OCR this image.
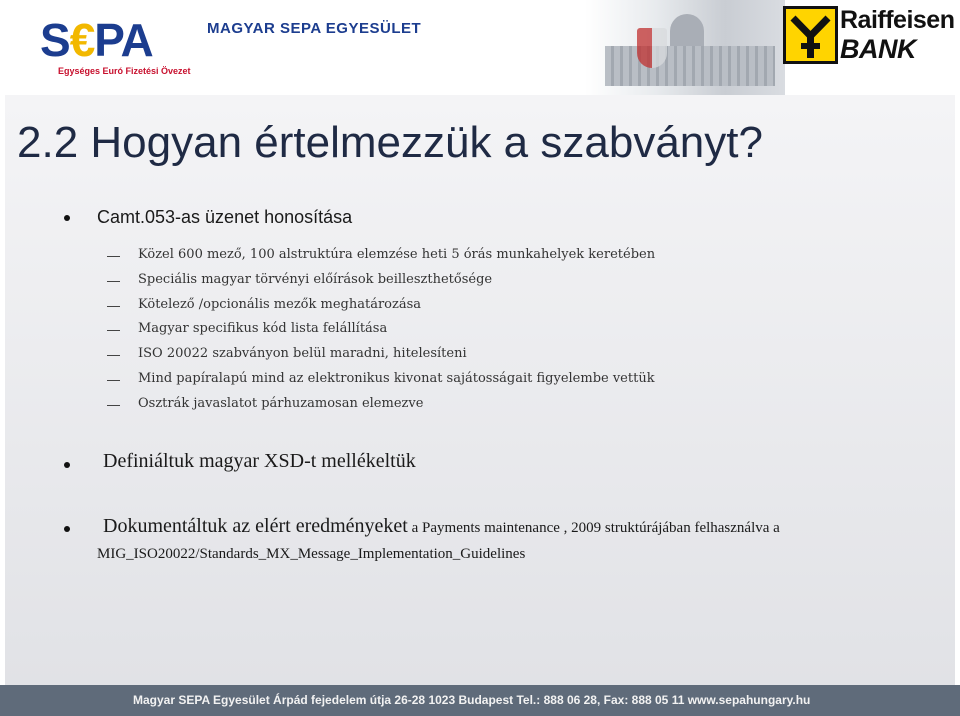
S€PA
Egységes Euró Fizetési Övezet
MAGYAR SEPA EGYESÜLET	Raiffeisen
BANK
2.2 Hogyan értelmezzük a szabványt?
Camt.053-as üzenet honosítása
Közel 600 mező, 100 alstruktúra elemzése heti 5 órás munkahelyek keretében
Speciális magyar törvényi előírások beilleszthetősége
Kötelező /opcionális mezők meghatározása
Magyar specifikus kód lista felállítása
ISO 20022 szabványon belül maradni, hitelesíteni
Mind papíralapú mind az elektronikus kivonat sajátosságait figyelembe vettük
Osztrák javaslatot párhuzamosan elemezve
Definiáltuk magyar XSD-t mellékeltük
Dokumentáltuk az elért eredményeket a Payments maintenance , 2009 struktúrájában felhasználva a
MIG_ISO20022/Standards_MX_Message_Implementation_Guidelines
Magyar SEPA Egyesület Árpád fejedelem útja 26-28 1023 Budapest Tel.: 888 06 28, Fax: 888 05 11 www.sepahungary.hu
